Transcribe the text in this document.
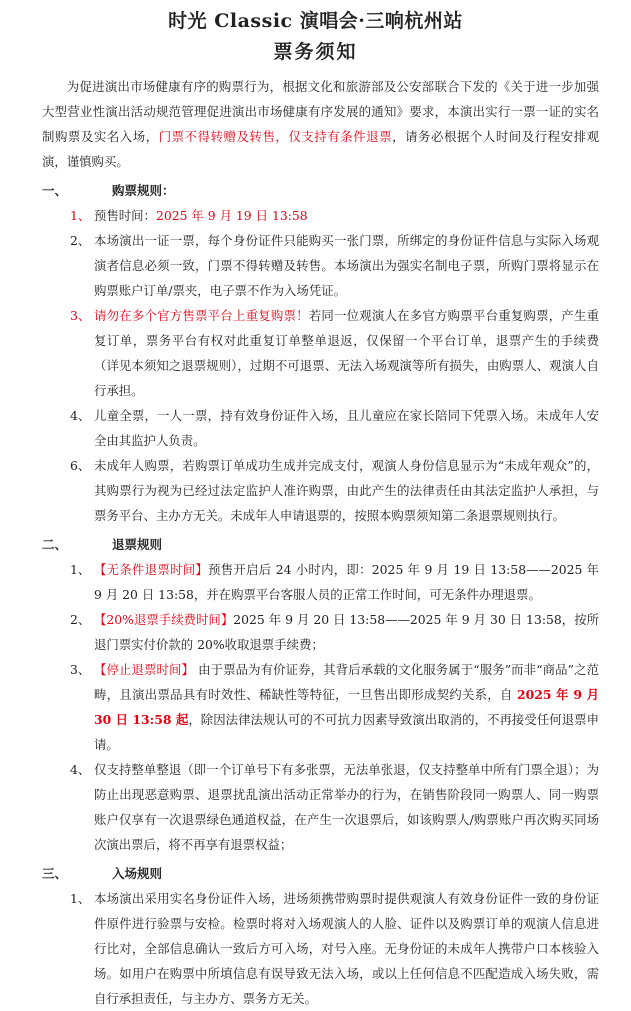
时光 Classic 演唱会·三响杭州站
票务须知

为促进演出市场健康有序的购票行为，根据文化和旅游部及公安部联合下发的《关于进一步加强大型营业性演出活动规范管理促进演出市场健康有序发展的通知》要求，本演出实行一票一证的实名制购票及实名入场，门票不得转赠及转售，仅支持有条件退票，请务必根据个人时间及行程安排观演，谨慎购买。

一、	购票规则：
1、 预售时间：2025 年 9 月 19 日 13:58
2、 本场演出一证一票，每个身份证件只能购买一张门票，所绑定的身份证件信息与实际入场观演者信息必须一致，门票不得转赠及转售。本场演出为强实名制电子票，所购门票将显示在购票账户订单/票夹，电子票不作为入场凭证。
3、 请勿在多个官方售票平台上重复购票！若同一位观演人在多官方购票平台重复购票，产生重复订单，票务平台有权对此重复订单整单退返，仅保留一个平台订单，退票产生的手续费（详见本须知之退票规则），过期不可退票、无法入场观演等所有损失，由购票人、观演人自行承担。
4、 儿童全票，一人一票，持有效身份证件入场，且儿童应在家长陪同下凭票入场。未成年人安全由其监护人负责。
6、 未成年人购票，若购票订单成功生成并完成支付，观演人身份信息显示为“未成年观众”的，其购票行为视为已经过法定监护人准许购票，由此产生的法律责任由其法定监护人承担，与票务平台、主办方无关。未成年人申请退票的，按照本购票须知第二条退票规则执行。
二、	退票规则
1、 【无条件退票时间】预售开启后 24 小时内，即：2025 年 9 月 19 日 13:58——2025 年 9 月 20 日 13:58，并在购票平台客服人员的正常工作时间，可无条件办理退票。
2、 【20%退票手续费时间】2025 年 9 月 20 日 13:58——2025 年 9 月 30 日 13:58，按所退门票实付价款的 20%收取退票手续费；
3、 【停止退票时间】 由于票品为有价证券，其背后承载的文化服务属于“服务”而非“商品”之范畴，且演出票品具有时效性、稀缺性等特征，一旦售出即形成契约关系，自 2025 年 9 月 30 日 13:58 起，除因法律法规认可的不可抗力因素导致演出取消的，不再接受任何退票申请。
4、 仅支持整单整退（即一个订单号下有多张票，无法单张退，仅支持整单中所有门票全退）；为防止出现恶意购票、退票扰乱演出活动正常举办的行为，在销售阶段同一购票人、同一购票账户仅享有一次退票绿色通道权益，在产生一次退票后，如该购票人/购票账户再次购买同场次演出票后，将不再享有退票权益；
三、	入场规则
1、 本场演出采用实名身份证件入场，进场须携带购票时提供观演人有效身份证件一致的身份证件原件进行验票与安检。检票时将对入场观演人的人脸、证件以及购票订单的观演人信息进行比对，全部信息确认一致后方可入场，对号入座。无身份证的未成年人携带户口本核验入场。如用户在购票中所填信息有误导致无法入场，或以上任何信息不匹配造成入场失败，需自行承担责任，与主办方、票务方无关。
